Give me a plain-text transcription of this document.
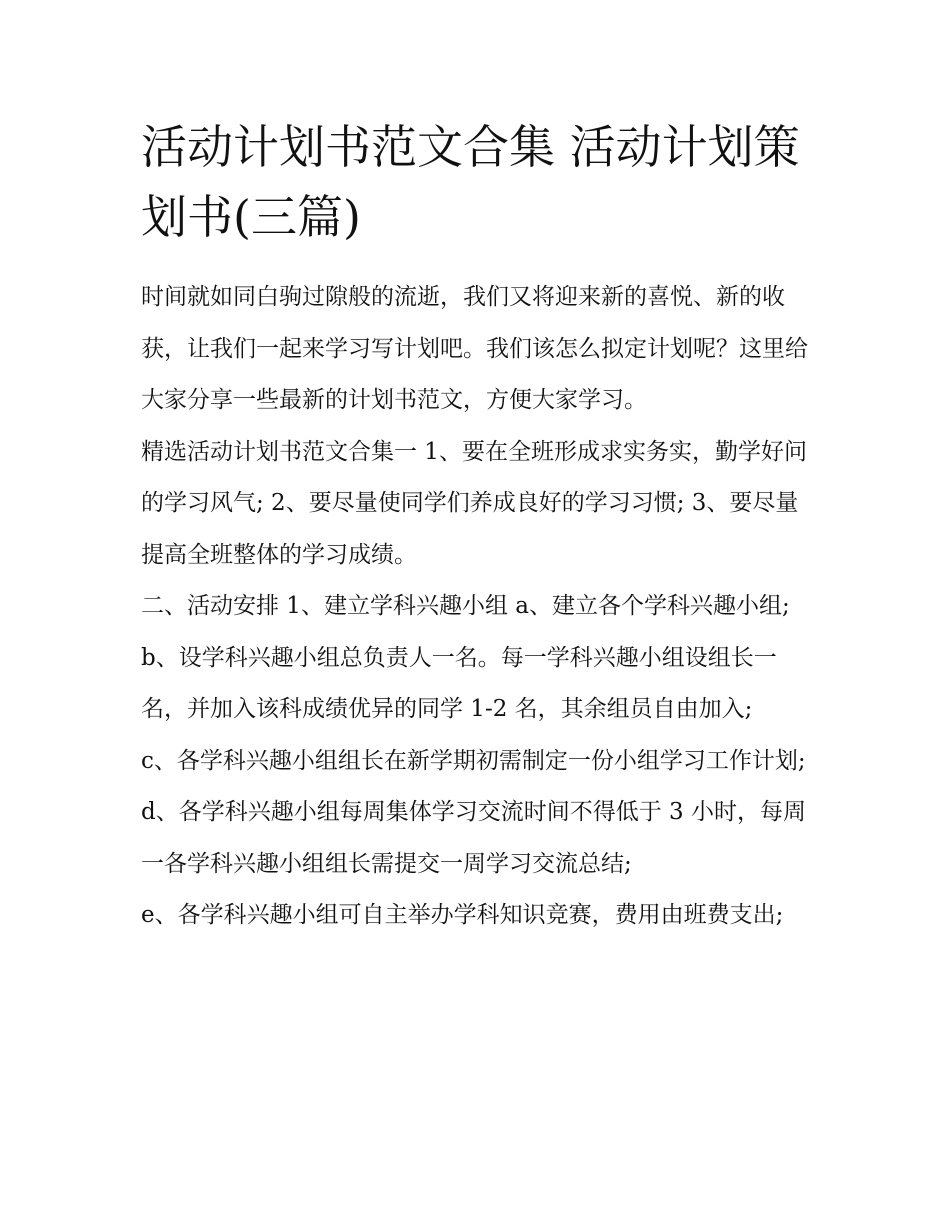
活动计划书范文合集 活动计划策划书(三篇)

时间就如同白驹过隙般的流逝，我们又将迎来新的喜悦、新的收获，让我们一起来学习写计划吧。我们该怎么拟定计划呢？这里给大家分享一些最新的计划书范文，方便大家学习。

精选活动计划书范文合集一 1、要在全班形成求实务实，勤学好问的学习风气; 2、要尽量使同学们养成良好的学习习惯; 3、要尽量提高全班整体的学习成绩。

二、活动安排 1、建立学科兴趣小组 a、建立各个学科兴趣小组;

b、设学科兴趣小组总负责人一名。每一学科兴趣小组设组长一名，并加入该科成绩优异的同学 1-2 名，其余组员自由加入;

c、各学科兴趣小组组长在新学期初需制定一份小组学习工作计划;

d、各学科兴趣小组每周集体学习交流时间不得低于 3 小时，每周一各学科兴趣小组组长需提交一周学习交流总结;

e、各学科兴趣小组可自主举办学科知识竞赛，费用由班费支出;
